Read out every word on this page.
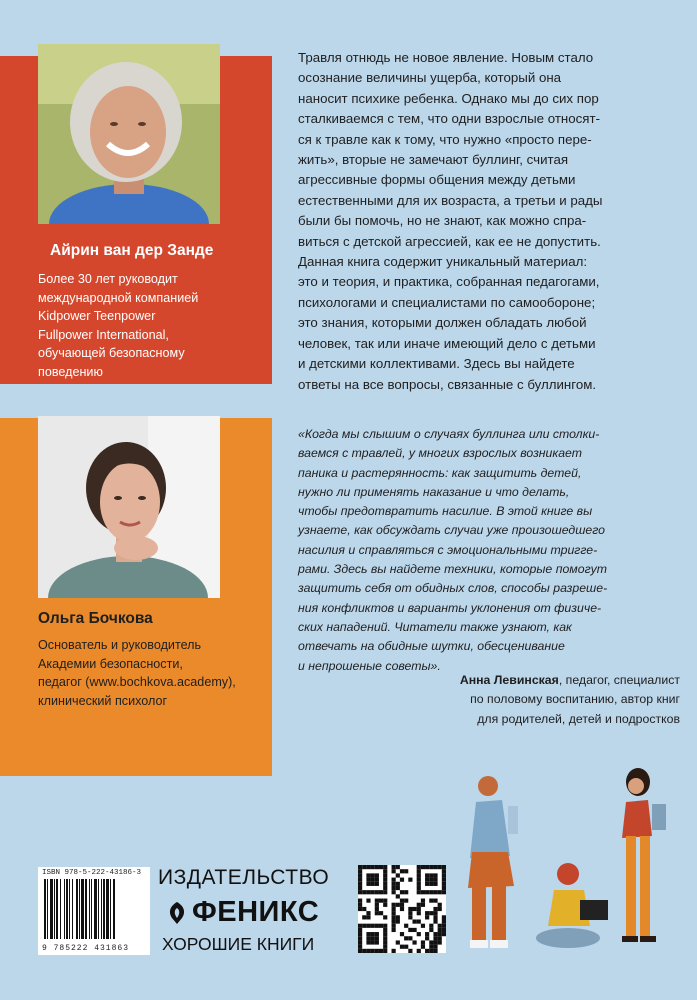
Айрин ван дер Занде
Более 30 лет руководит
международной компанией
Kidpower Teenpower
Fullpower International,
обучающей безопасному
поведению
Ольга Бочкова
Основатель и руководитель
Академии безопасности,
педагог (www.bochkova.academy),
клинический психолог
Травля отнюдь не новое явление. Новым стало
осознание величины ущерба, который она
наносит психике ребенка. Однако мы до сих пор
сталкиваемся с тем, что одни взрослые относят-
ся к травле как к тому, что нужно «просто пере-
жить», вторые не замечают буллинг, считая
агрессивные формы общения между детьми
естественными для их возраста, а третьи и рады
были бы помочь, но не знают, как можно спра-
виться с детской агрессией, как ее не допустить.
Данная книга содержит уникальный материал:
это и теория, и практика, собранная педагогами,
психологами и специалистами по самообороне;
это знания, которыми должен обладать любой
человек, так или иначе имеющий дело с детьми
и детскими коллективами. Здесь вы найдете
ответы на все вопросы, связанные с буллингом.
«Когда мы слышим о случаях буллинга или столки-
ваемся с травлей, у многих взрослых возникает
паника и растерянность: как защитить детей,
нужно ли применять наказание и что делать,
чтобы предотвратить насилие. В этой книге вы
узнаете, как обсуждать случаи уже произошедшего
насилия и справляться с эмоциональными тригге-
рами. Здесь вы найдете техники, которые помогут
защитить себя от обидных слов, способы разреше-
ния конфликтов и варианты уклонения от физиче-
ских нападений. Читатели также узнают, как
отвечать на обидные шутки, обесценивание
и непрошеные советы».
Анна Левинская, педагог, специалист
по половому воспитанию, автор книг
для родителей, детей и подростков
ISBN 978-5-222-43186-3
9 785222 431863
ИЗДАТЕЛЬСТВО
ФЕНИКС
ХОРОШИЕ КНИГИ
